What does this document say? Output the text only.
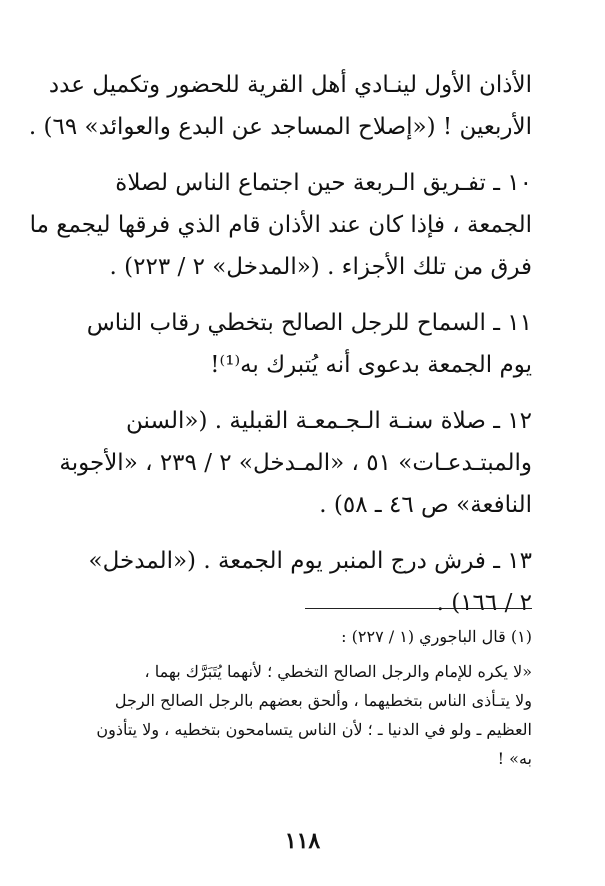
الأذان الأول لينـادي أهل القرية للحضور وتكميل عدد
الأربعين ! («إصلاح المساجد عن البدع والعوائد» ٦٩) .
١٠ ـ تفـريق الـربعة حين اجتماع الناس لصلاة
الجمعة ، فإذا كان عند الأذان قام الذي فرقها ليجمع ما
فرق من تلك الأجزاء . («المدخل» ٢ / ٢٢٣) .
١١ ـ السماح للرجل الصالح بتخطي رقاب الناس
يوم الجمعة بدعوى أنه يُتبرك به⁽¹⁾!
١٢ ـ صلاة سنـة الـجـمعـة القبلية . («السنن
والمبتـدعـات» ٥١ ، «المـدخل» ٢ / ٢٣٩ ، «الأجوبة
النافعة» ص ٤٦ ـ ٥٨) .
١٣ ـ فرش درج المنبر يوم الجمعة . («المدخل»
٢ / ١٦٦) .
(١) قال الباجوري (١ / ٢٢٧) :
«لا يكره للإمام والرجل الصالح التخطي ؛ لأنهما يُتَبَرَّك بهما ،
ولا يتـأذى الناس بتخطيهما ، وألحق بعضهم بالرجل الصالح الرجل
العظيم ـ ولو في الدنيا ـ ؛ لأن الناس يتسامحون بتخطيه ، ولا يتأذون
به» !
١١٨
